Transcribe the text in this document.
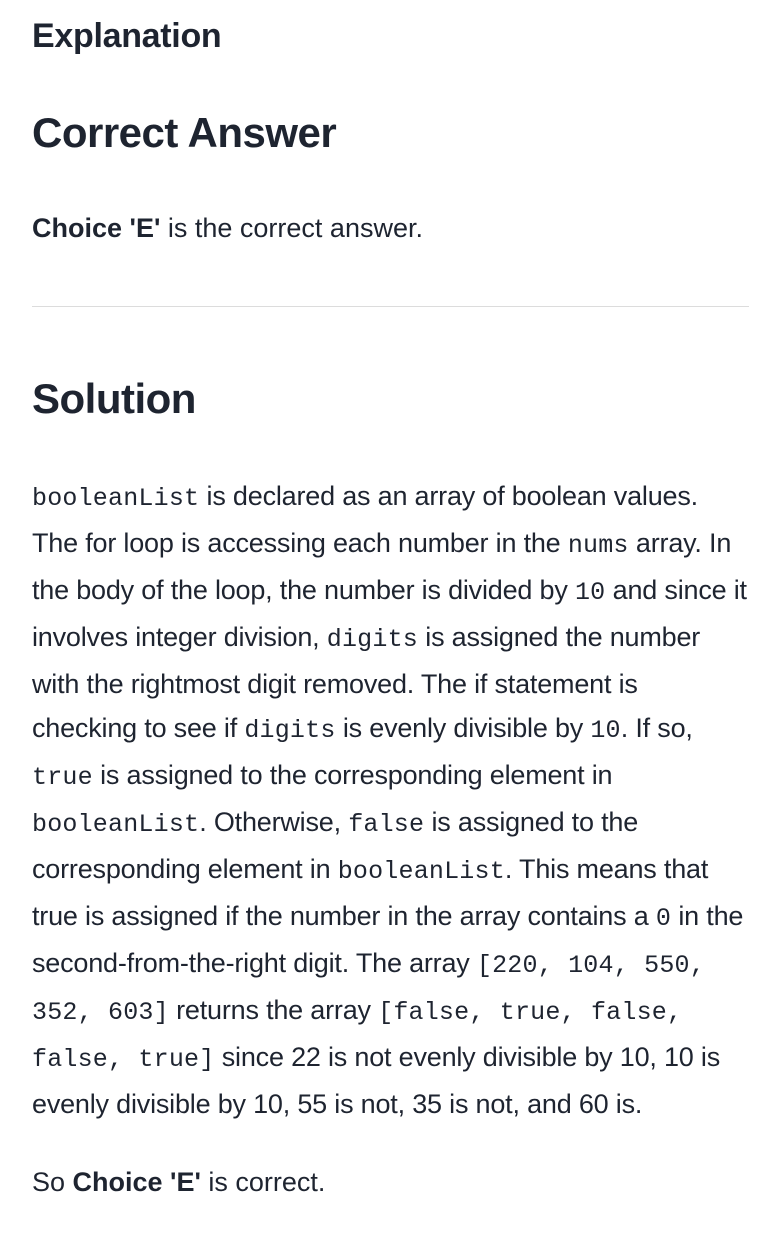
Explanation
Correct Answer

Choice 'E' is the correct answer.

Solution

booleanList is declared as an array of boolean values. The for loop is accessing each number in the nums array. In the body of the loop, the number is divided by 10 and since it involves integer division, digits is assigned the number with the rightmost digit removed. The if statement is checking to see if digits is evenly divisible by 10. If so, true is assigned to the corresponding element in booleanList. Otherwise, false is assigned to the corresponding element in booleanList. This means that true is assigned if the number in the array contains a 0 in the second-from-the-right digit. The array [220, 104, 550, 352, 603] returns the array [false, true, false, false, true] since 22 is not evenly divisible by 10, 10 is evenly divisible by 10, 55 is not, 35 is not, and 60 is.

So Choice 'E' is correct.
